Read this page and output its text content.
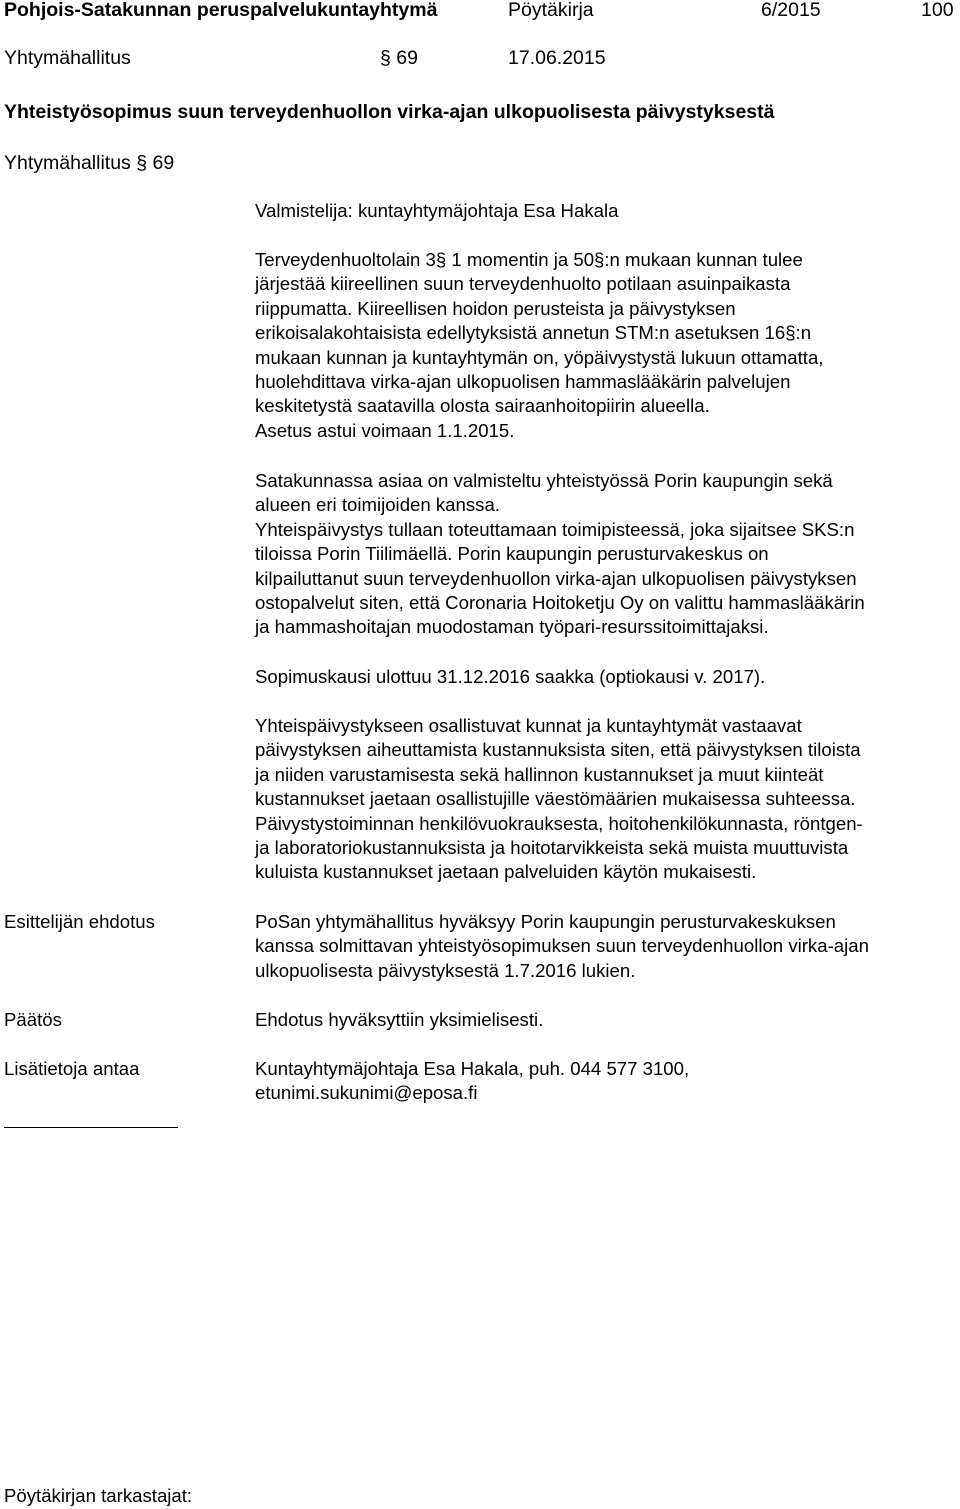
Pohjois-Satakunnan peruspalvelukuntayhtymä	Pöytäkirja	6/2015	100
Yhtymähallitus	§ 69	17.06.2015
Yhteistyösopimus suun terveydenhuollon virka-ajan ulkopuolisesta päivystyksestä
Yhtymähallitus § 69
Valmistelija: kuntayhtymäjohtaja Esa Hakala
Terveydenhuoltolain 3§ 1 momentin ja 50§:n mukaan kunnan tulee
järjestää kiireellinen suun terveydenhuolto potilaan asuinpaikasta
riippumatta. Kiireellisen hoidon perusteista ja päivystyksen
erikoisalakohtaisista edellytyksistä annetun STM:n asetuksen 16§:n
mukaan kunnan ja kuntayhtymän on, yöpäivystystä lukuun ottamatta,
huolehdittava virka-ajan ulkopuolisen hammaslääkärin palvelujen
keskitetystä saatavilla olosta sairaanhoitopiirin alueella.
Asetus astui voimaan 1.1.2015.
Satakunnassa asiaa on valmisteltu yhteistyössä Porin kaupungin sekä
alueen eri toimijoiden kanssa.
Yhteispäivystys tullaan toteuttamaan toimipisteessä, joka sijaitsee SKS:n
tiloissa Porin Tiilimäellä. Porin kaupungin perusturvakeskus on
kilpailuttanut suun terveydenhuollon virka-ajan ulkopuolisen päivystyksen
ostopalvelut siten, että Coronaria Hoitoketju Oy on valittu hammaslääkärin
ja hammashoitajan muodostaman työpari-resurssitoimittajaksi.
Sopimuskausi ulottuu 31.12.2016 saakka (optiokausi v. 2017).
Yhteispäivystykseen osallistuvat kunnat ja kuntayhtymät vastaavat
päivystyksen aiheuttamista kustannuksista siten, että päivystyksen tiloista
ja niiden varustamisesta sekä hallinnon kustannukset ja muut kiinteät
kustannukset jaetaan osallistujille väestömäärien mukaisessa suhteessa.
Päivystystoiminnan henkilövuokrauksesta, hoitohenkilökunnasta, röntgen-
ja laboratoriokustannuksista ja hoitotarvikkeista sekä muista muuttuvista
kuluista kustannukset jaetaan palveluiden käytön mukaisesti.
Esittelijän ehdotus	PoSan yhtymähallitus hyväksyy Porin kaupungin perusturvakeskuksen
kanssa solmittavan yhteistyösopimuksen suun terveydenhuollon virka-ajan
ulkopuolisesta päivystyksestä 1.7.2016 lukien.
Päätös	Ehdotus hyväksyttiin yksimielisesti.
Lisätietoja antaa	Kuntayhtymäjohtaja Esa Hakala, puh. 044 577 3100,
etunimi.sukunimi@eposa.fi
Pöytäkirjan tarkastajat:
